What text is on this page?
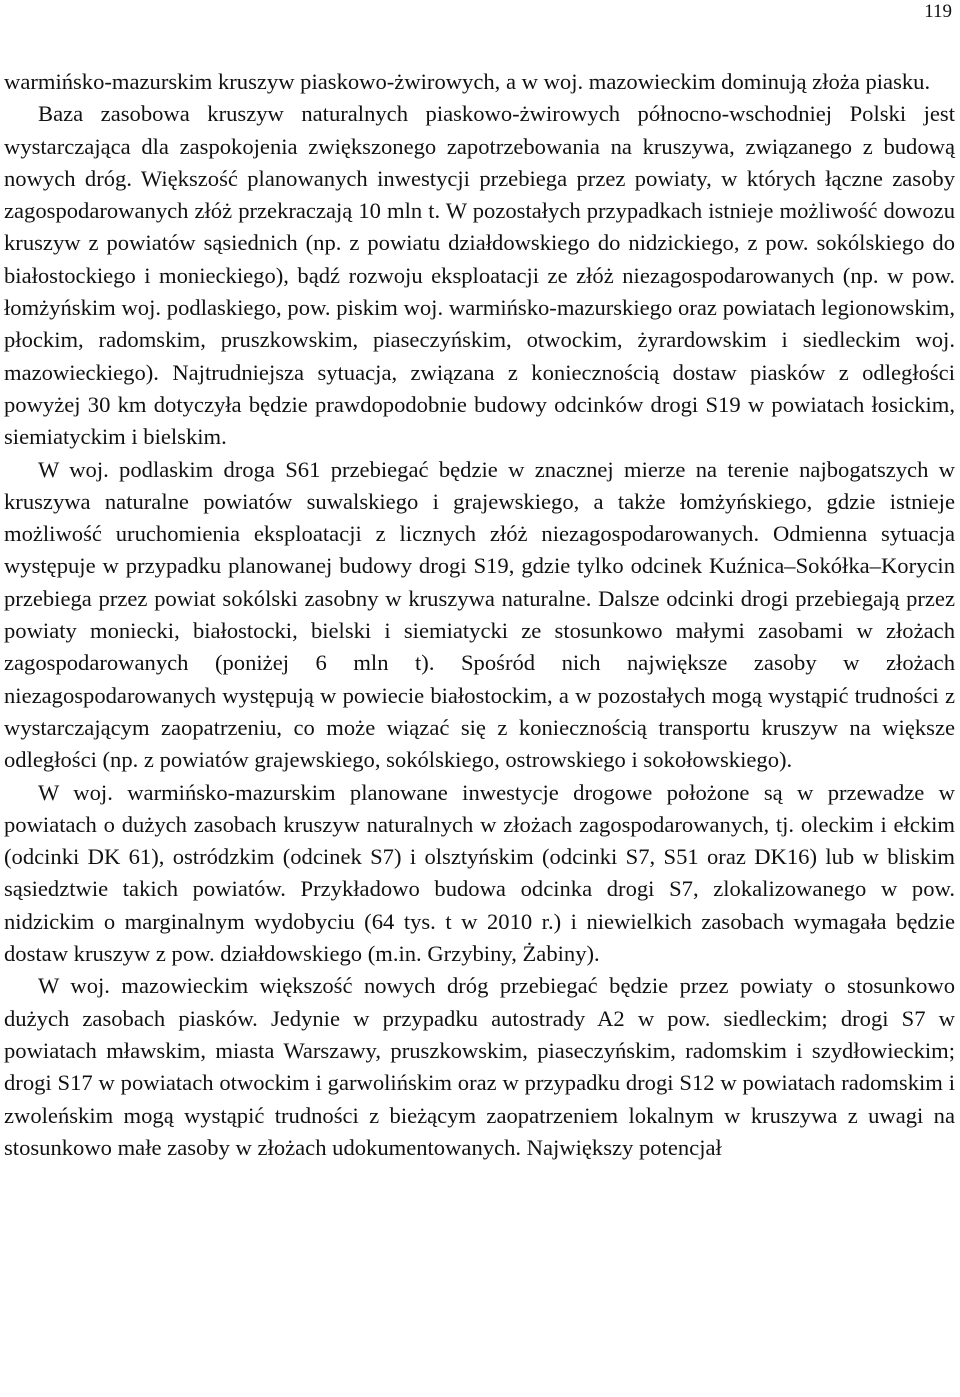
119

warmińsko-mazurskim kruszyw piaskowo-żwirowych, a w woj. mazowieckim dominują złoża piasku.

Baza zasobowa kruszyw naturalnych piaskowo-żwirowych północno-wschodniej Polski jest wystarczająca dla zaspokojenia zwiększonego zapotrzebowania na kruszywa, związanego z budową nowych dróg. Większość planowanych inwestycji przebiega przez powiaty, w których łączne zasoby zagospodarowanych złóż przekraczają 10 mln t. W pozostałych przypadkach istnieje możliwość dowozu kruszyw z powiatów sąsiednich (np. z powiatu działdowskiego do nidzickiego, z pow. sokólskiego do białostockiego i monieckiego), bądź rozwoju eksploatacji ze złóż niezagospodarowanych (np. w pow. łomżyńskim woj. podlaskiego, pow. piskim woj. warmińsko-mazurskiego oraz powiatach legionowskim, płockim, radomskim, pruszkowskim, piaseczyńskim, otwockim, żyrardowskim i siedleckim woj. mazowieckiego). Najtrudniejsza sytuacja, związana z koniecznością dostaw piasków z odległości powyżej 30 km dotyczyła będzie prawdopodobnie budowy odcinków drogi S19 w powiatach łosickim, siemiatyckim i bielskim.

W woj. podlaskim droga S61 przebiegać będzie w znacznej mierze na terenie najbogatszych w kruszywa naturalne powiatów suwalskiego i grajewskiego, a także łomżyńskiego, gdzie istnieje możliwość uruchomienia eksploatacji z licznych złóż niezagospodarowanych. Odmienna sytuacja występuje w przypadku planowanej budowy drogi S19, gdzie tylko odcinek Kuźnica–Sokółka–Korycin przebiega przez powiat sokólski zasobny w kruszywa naturalne. Dalsze odcinki drogi przebiegają przez powiaty moniecki, białostocki, bielski i siemiatycki ze stosunkowo małymi zasobami w złożach zagospodarowanych (poniżej 6 mln t). Spośród nich największe zasoby w złożach niezagospodarowanych występują w powiecie białostockim, a w pozostałych mogą wystąpić trudności z wystarczającym zaopatrzeniu, co może wiązać się z koniecznością transportu kruszyw na większe odległości (np. z powiatów grajewskiego, sokólskiego, ostrowskiego i sokołowskiego).

W woj. warmińsko-mazurskim planowane inwestycje drogowe położone są w przewadze w powiatach o dużych zasobach kruszyw naturalnych w złożach zagospodarowanych, tj. oleckim i ełckim (odcinki DK 61), ostródzkim (odcinek S7) i olsztyńskim (odcinki S7, S51 oraz DK16) lub w bliskim sąsiedztwie takich powiatów. Przykładowo budowa odcinka drogi S7, zlokalizowanego w pow. nidzickim o marginalnym wydobyciu (64 tys. t w 2010 r.) i niewielkich zasobach wymagała będzie dostaw kruszyw z pow. działdowskiego (m.in. Grzybiny, Żabiny).

W woj. mazowieckim większość nowych dróg przebiegać będzie przez powiaty o stosunkowo dużych zasobach piasków. Jedynie w przypadku autostrady A2 w pow. siedleckim; drogi S7 w powiatach mławskim, miasta Warszawy, pruszkowskim, piaseczyńskim, radomskim i szydłowieckim; drogi S17 w powiatach otwockim i garwolińskim oraz w przypadku drogi S12 w powiatach radomskim i zwoleńskim mogą wystąpić trudności z bieżącym zaopatrzeniem lokalnym w kruszywa z uwagi na stosunkowo małe zasoby w złożach udokumentowanych. Największy potencjał
